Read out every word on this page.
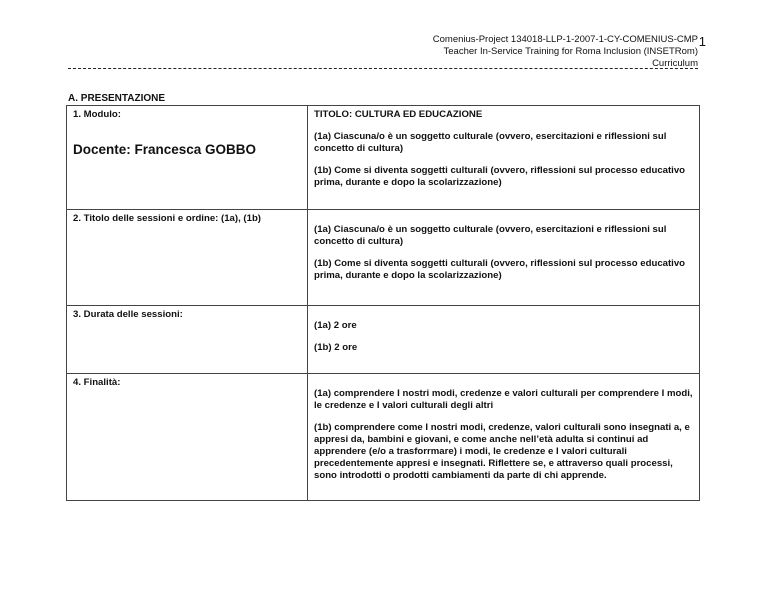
Comenius-Project 134018-LLP-1-2007-1-CY-COMENIUS-CMP
Teacher In-Service Training for Roma Inclusion (INSETRom)
Curriculum
1
A. PRESENTAZIONE
1. Modulo:
Docente: Francesca GOBBO	TITOLO: CULTURA ED EDUCAZIONE
(1a) Ciascuna/o è un soggetto culturale (ovvero, esercitazioni e riflessioni sul concetto di cultura)
(1b) Come si diventa soggetti culturali (ovvero, riflessioni sul processo educativo prima, durante e dopo la scolarizzazione)

2. Titolo delle sessioni e ordine: (1a), (1b)	(1a) Ciascuna/o è un soggetto culturale (ovvero, esercitazioni e riflessioni sul concetto di cultura)
(1b) Come si diventa soggetti culturali (ovvero, riflessioni sul processo educativo prima, durante e dopo la scolarizzazione)

3. Durata delle sessioni:	(1a) 2 ore
(1b) 2 ore

4. Finalità:	(1a) comprendere I nostri modi, credenze e valori culturali per comprendere I modi, le credenze e I valori culturali degli altri
(1b) comprendere come I nostri modi, credenze, valori culturali sono insegnati a, e appresi da, bambini e giovani, e come anche nell’età adulta si continui ad apprendere (e/o a trasforrmare) i modi, le credenze e I valori culturali precedentemente appresi e insegnati. Riflettere se, e attraverso quali processi, sono introdotti o prodotti cambiamenti da parte di chi apprende.
